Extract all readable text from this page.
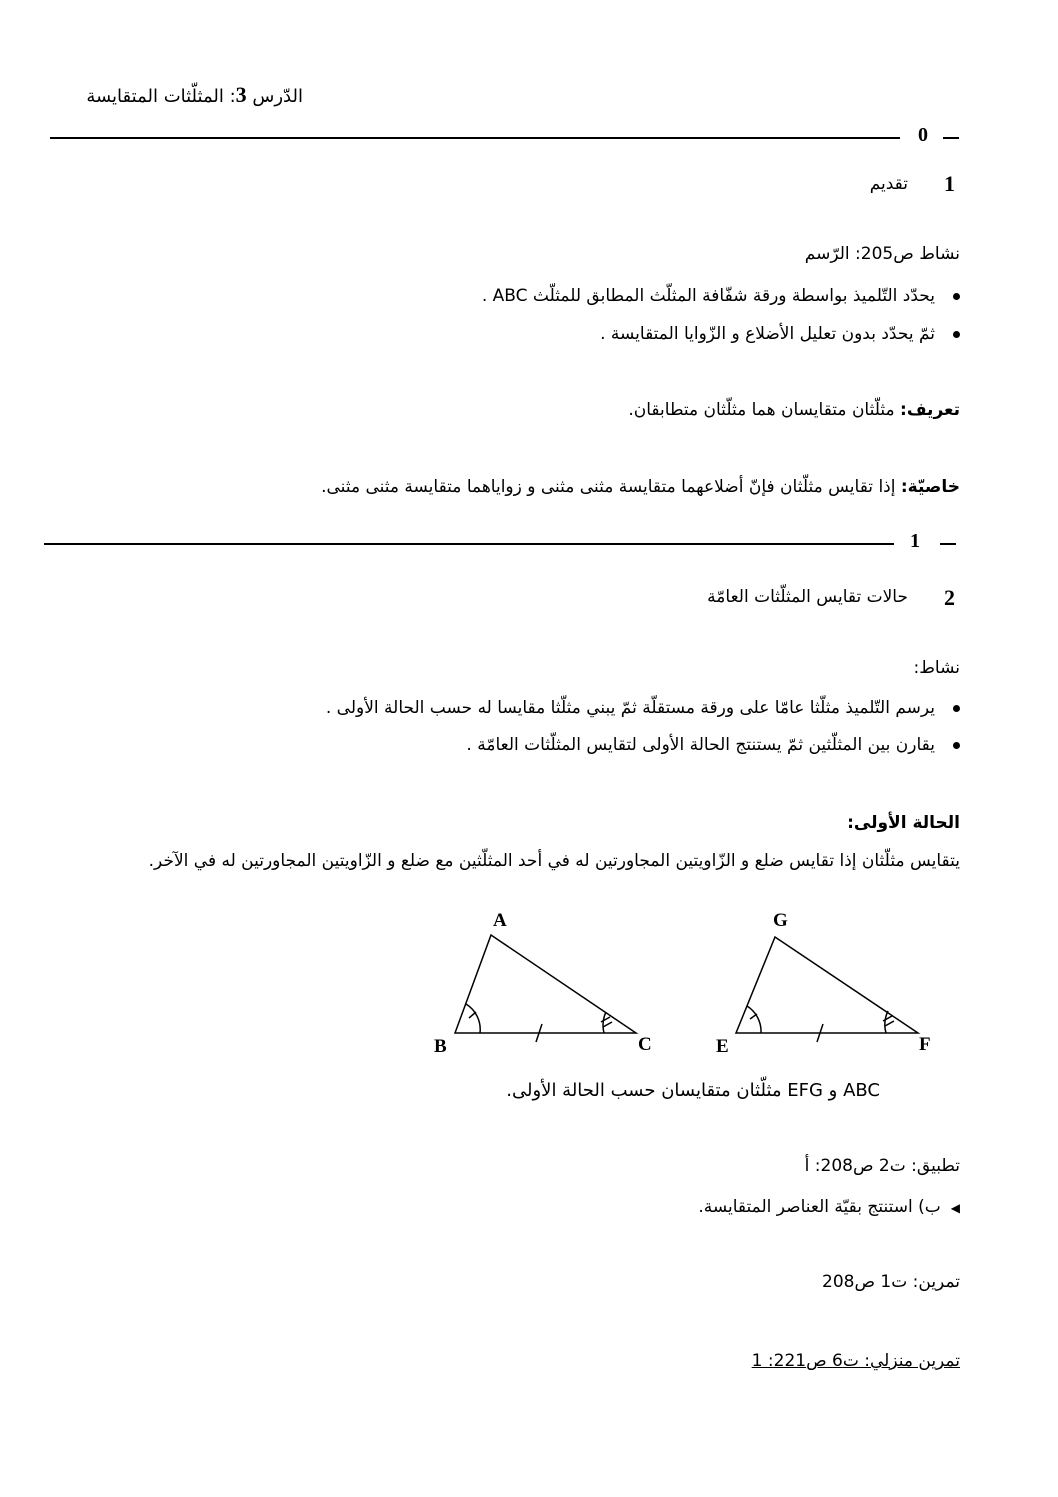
الدّرس 3: المثلّثات المتقايسة
0
1
تقديم
نشاط ص205: الرّسم
يحدّد التّلميذ بواسطة ورقة شفّافة المثلّث المطابق للمثلّث ABC .
ثمّ يحدّد بدون تعليل الأضلاع و الزّوايا المتقايسة .
تعريف: مثلّثان متقايسان هما مثلّثان متطابقان.
خاصيّة: إذا تقايس مثلّثان فإنّ أضلاعهما متقايسة مثنى مثنى و زواياهما متقايسة مثنى مثنى.
1
2
حالات تقايس المثلّثات العامّة
نشاط:
يرسم التّلميذ مثلّثا عامّا على ورقة مستقلّة ثمّ يبني مثلّثا مقايسا له حسب الحالة الأولى .
يقارن بين المثلّثين ثمّ يستنتج الحالة الأولى لتقايس المثلّثات العامّة .
الحالة الأولى:
يتقايس مثلّثان إذا تقايس ضلع و الزّاويتين المجاورتين له في أحد المثلّثين مع ضلع و الزّاويتين المجاورتين له في الآخر.
A
B	C
G
E	F
ABC و EFG مثلّثان متقايسان حسب الحالة الأولى.
تطبيق: ت2 ص208: أ
◀ب) استنتج بقيّة العناصر المتقايسة.
تمرين: ت1 ص208
تمرين منزلي: ت6 ص221: 1
